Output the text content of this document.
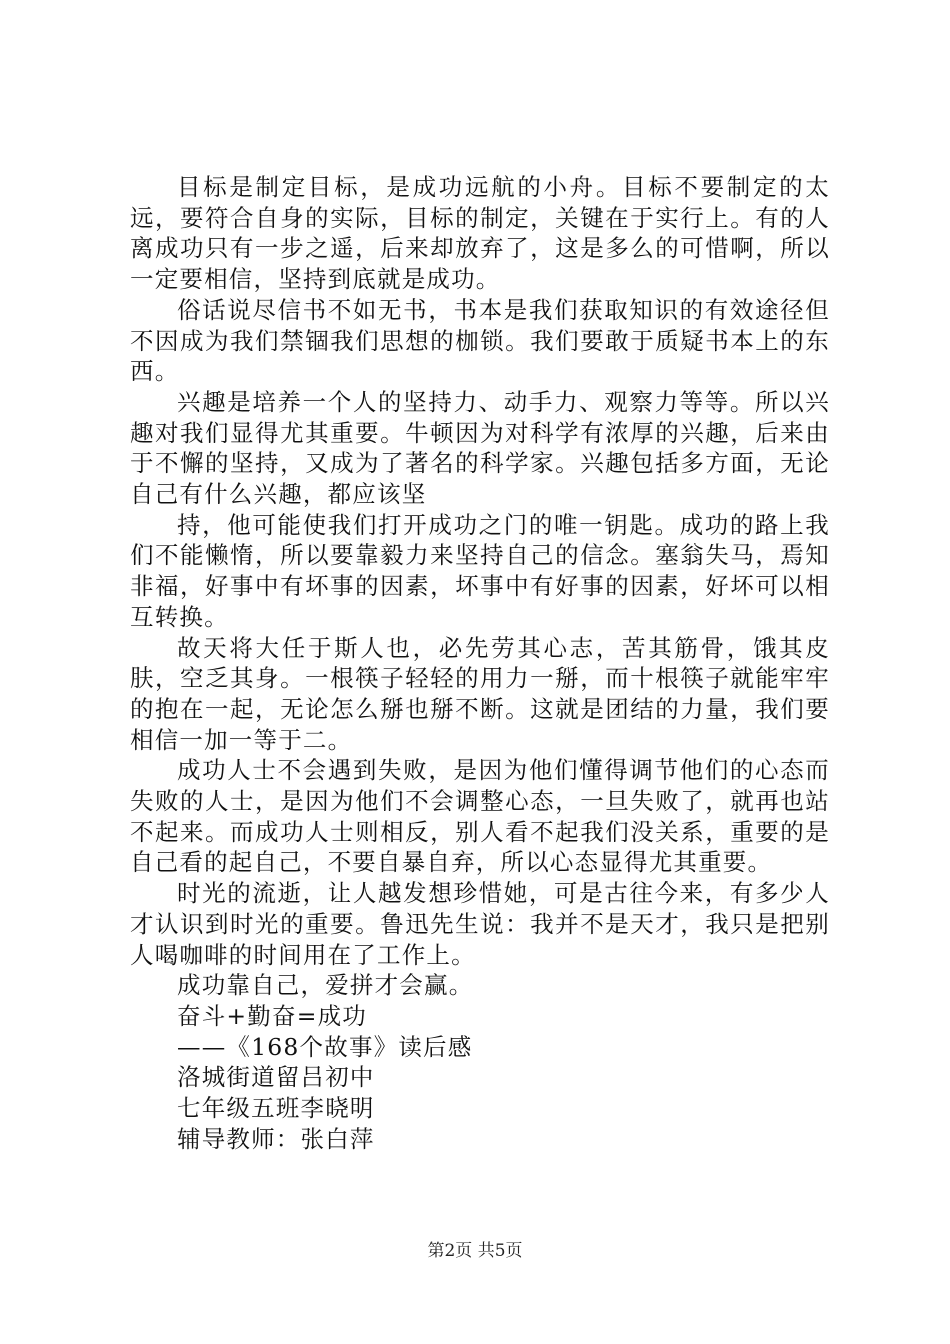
目标是制定目标，是成功远航的小舟。目标不要制定的太远，要符合自身的实际，目标的制定，关键在于实行上。有的人离成功只有一步之遥，后来却放弃了，这是多么的可惜啊，所以一定要相信，坚持到底就是成功。

俗话说尽信书不如无书，书本是我们获取知识的有效途径但不因成为我们禁锢我们思想的枷锁。我们要敢于质疑书本上的东西。

兴趣是培养一个人的坚持力、动手力、观察力等等。所以兴趣对我们显得尤其重要。牛顿因为对科学有浓厚的兴趣，后来由于不懈的坚持，又成为了著名的科学家。兴趣包括多方面，无论自己有什么兴趣，都应该坚

持，他可能使我们打开成功之门的唯一钥匙。成功的路上我们不能懒惰，所以要靠毅力来坚持自己的信念。塞翁失马，焉知非福，好事中有坏事的因素，坏事中有好事的因素，好坏可以相互转换。

故天将大任于斯人也，必先劳其心志，苦其筋骨，饿其皮肤，空乏其身。一根筷子轻轻的用力一掰，而十根筷子就能牢牢的抱在一起，无论怎么掰也掰不断。这就是团结的力量，我们要相信一加一等于二。

成功人士不会遇到失败，是因为他们懂得调节他们的心态而失败的人士，是因为他们不会调整心态，一旦失败了，就再也站不起来。而成功人士则相反，别人看不起我们没关系，重要的是自己看的起自己，不要自暴自弃，所以心态显得尤其重要。

时光的流逝，让人越发想珍惜她，可是古往今来，有多少人才认识到时光的重要。鲁迅先生说：我并不是天才，我只是把别人喝咖啡的时间用在了工作上。

成功靠自己，爱拼才会赢。

奋斗+勤奋=成功

——《168个故事》读后感

洛城街道留吕初中

七年级五班李晓明

辅导教师：张白萍

第2页 共5页
